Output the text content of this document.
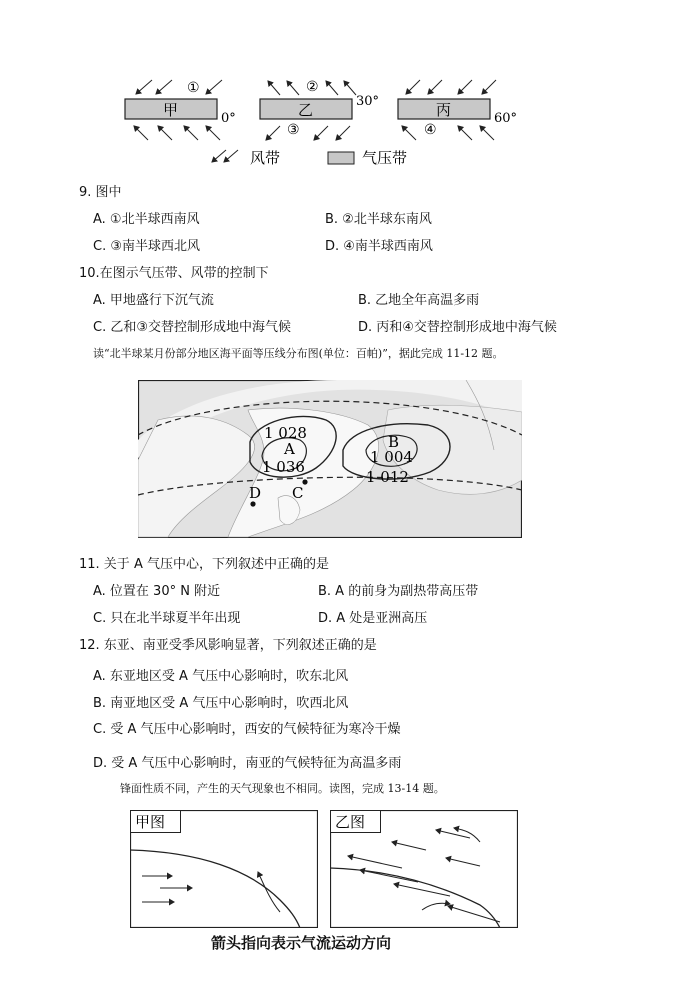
甲	乙	丙
0°
30°
60°
①	②
③	④
风带	气压带
9. 图中
A. ①北半球西南风	B. ②北半球东南风
C. ③南半球西北风	D. ④南半球西南风
10.在图示气压带、风带的控制下
A. 甲地盛行下沉气流	B. 乙地全年高温多雨
C. 乙和③交替控制形成地中海气候	D. 丙和④交替控制形成地中海气候
读“北半球某月份部分地区海平面等压线分布图(单位：百帕)”，据此完成 11-12 题。
1 028
A
1 036
B
1 004
1 012
C
D
11. 关于 A 气压中心，下列叙述中正确的是
A. 位置在 30° N 附近	B. A 的前身为副热带高压带
C. 只在北半球夏半年出现	D. A 处是亚洲高压
12. 东亚、南亚受季风影响显著，下列叙述正确的是
A. 东亚地区受 A 气压中心影响时，吹东北风
B. 南亚地区受 A 气压中心影响时，吹西北风
C. 受 A 气压中心影响时，西安的气候特征为寒冷干燥
D. 受 A 气压中心影响时，南亚的气候特征为高温多雨
锋面性质不同，产生的天气现象也不相同。读图，完成 13-14 题。
甲图	乙图
箭头指向表示气流运动方向
